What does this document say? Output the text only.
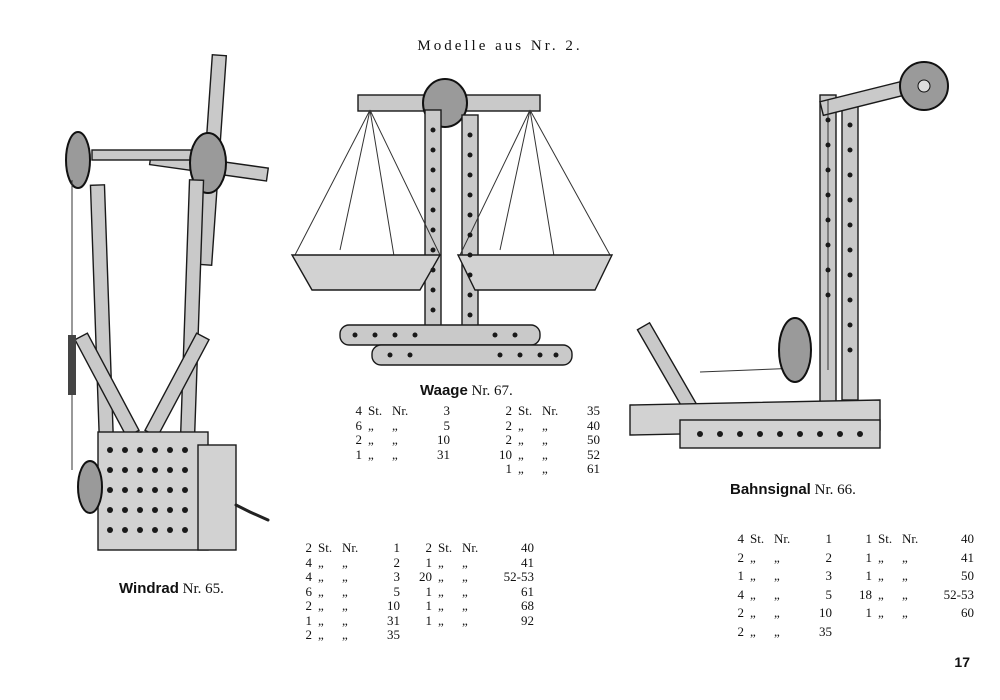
Modelle aus Nr. 2.
Windrad Nr. 65.
Waage Nr. 67.
Bahnsignal Nr. 66.
4	St.	Nr.	3
6	„	„	5
2	„	„	10
1	„	„	31
2	St.	Nr.	35
2	„	„	40
2	„	„	50
10	„	„	52
1	„	„	61
2	St.	Nr.	1
4	„	„	2
4	„	„	3
6	„	„	5
2	„	„	10
1	„	„	31
2	„	„	35
2	St.	Nr.	40
1	„	„	41
20	„	„	52-53
1	„	„	61
1	„	„	68
1	„	„	92
4	St.	Nr.	1
2	„	„	2
1	„	„	3
4	„	„	5
2	„	„	10
2	„	„	35
1	St.	Nr.	40
1	„	„	41
1	„	„	50
18	„	„	52-53
1	„	„	60
17
